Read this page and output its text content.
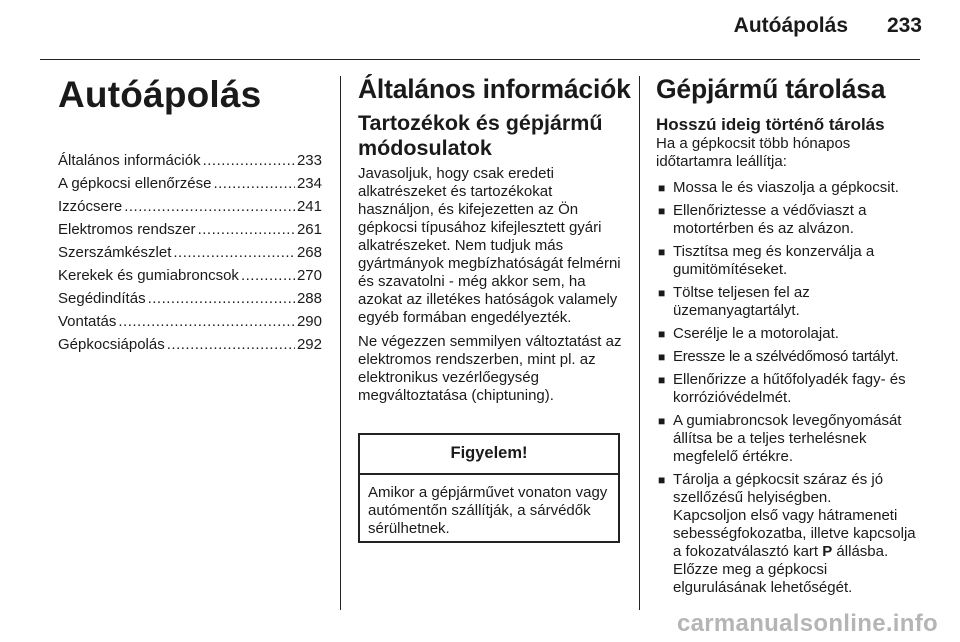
Autóápolás 233
Autóápolás
Általános információk .....	233
A gépkocsi ellenőrzése .....	234
Izzócsere .....	241
Elektromos rendszer .....	261
Szerszámkészlet .....	268
Kerekek és gumiabroncsok .....	270
Segédindítás .....	288
Vontatás .....	290
Gépkocsiápolás .....	292
Általános információk
Tartozékok és gépjármű módosulatok

Javasoljuk, hogy csak eredeti alkatrészeket és tartozékokat használjon, és kifejezetten az Ön gépkocsi típusához kifejlesztett gyári alkatrészeket. Nem tudjuk más gyártmányok megbízhatóságát felmérni és szavatolni - még akkor sem, ha azokat az illetékes hatóságok valamely egyéb formában engedélyezték.

Ne végezzen semmilyen változtatást az elektromos rendszerben, mint pl. az elektronikus vezérlőegység megváltoztatása (chiptuning).

Figyelem!
Amikor a gépjárművet vonaton vagy autómentőn szállítják, a sárvédők sérülhetnek.
Gépjármű tárolása
Hosszú ideig történő tárolás

Ha a gépkocsit több hónapos időtartamra leállítja:

■ Mossa le és viaszolja a gépkocsit.
■ Ellenőriztesse a védőviaszt a motortérben és az alvázon.
■ Tisztítsa meg és konzerválja a gumitömítéseket.
■ Töltse teljesen fel az üzemanyagtartályt.
■ Cserélje le a motorolajat.
■ Eressze le a szélvédőmosó tartályt.
■ Ellenőrizze a hűtőfolyadék fagy- és korrózióvédelmét.
■ A gumiabroncsok levegőnyomását állítsa be a teljes terhelésnek megfelelő értékre.
■ Tárolja a gépkocsit száraz és jó szellőzésű helyiségben.
Kapcsoljon első vagy hátrameneti sebességfokozatba, illetve kapcsolja a fokozatválasztó kart P állásba. Előzze meg a gépkocsi elgurulásának lehetőségét.
carmanualsonline.info
